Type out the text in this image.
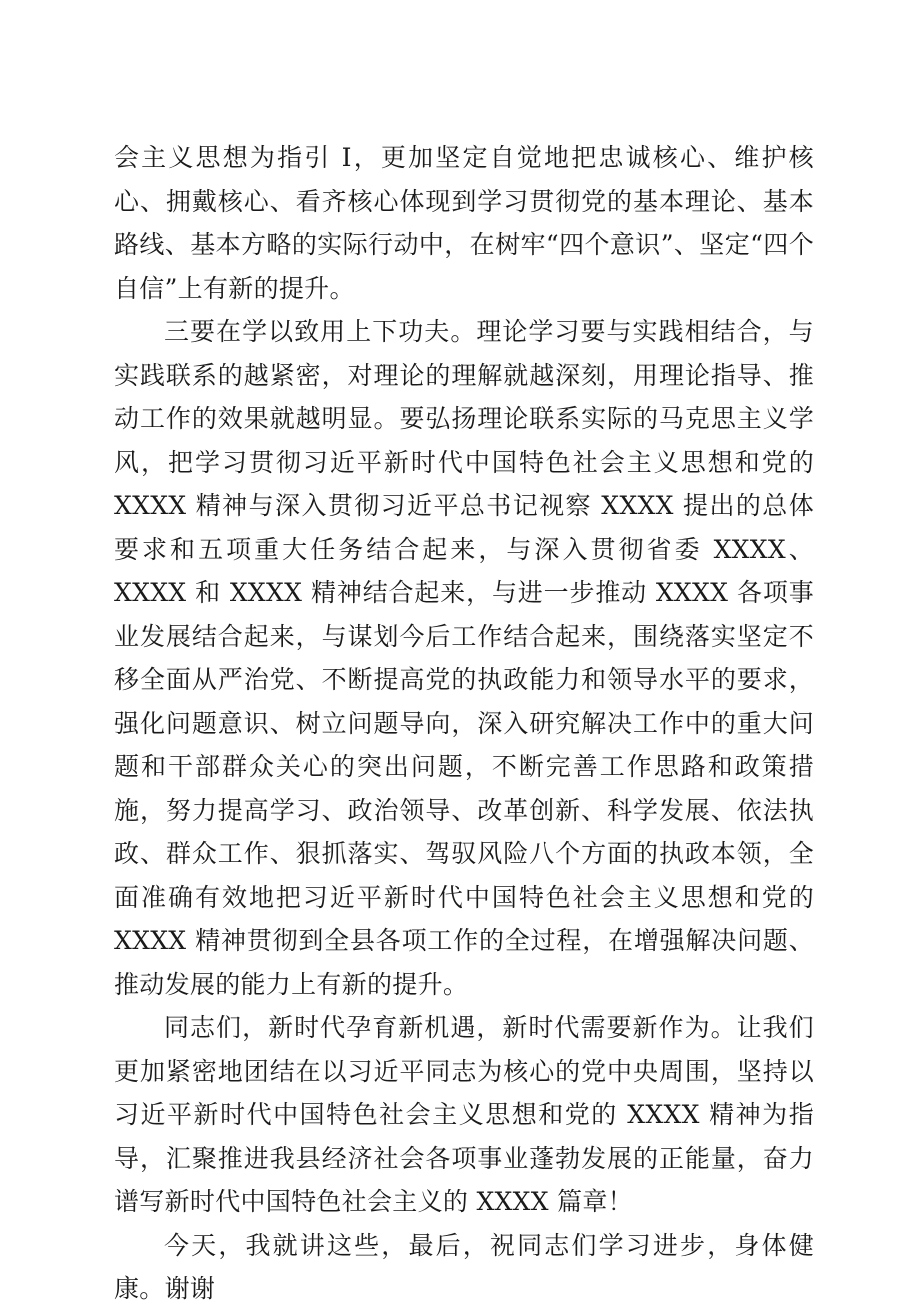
会主义思想为指引 I，更加坚定自觉地把忠诚核心、维护核心、拥戴核心、看齐核心体现到学习贯彻党的基本理论、基本路线、基本方略的实际行动中，在树牢“四个意识”、坚定“四个自信”上有新的提升。

三要在学以致用上下功夫。理论学习要与实践相结合，与实践联系的越紧密，对理论的理解就越深刻，用理论指导、推动工作的效果就越明显。要弘扬理论联系实际的马克思主义学风，把学习贯彻习近平新时代中国特色社会主义思想和党的 XXXX 精神与深入贯彻习近平总书记视察 XXXX 提出的总体要求和五项重大任务结合起来，与深入贯彻省委 XXXX、XXXX 和 XXXX 精神结合起来，与进一步推动 XXXX 各项事业发展结合起来，与谋划今后工作结合起来，围绕落实坚定不移全面从严治党、不断提高党的执政能力和领导水平的要求，强化问题意识、树立问题导向，深入研究解决工作中的重大问题和干部群众关心的突出问题，不断完善工作思路和政策措施，努力提高学习、政治领导、改革创新、科学发展、依法执政、群众工作、狠抓落实、驾驭风险八个方面的执政本领，全面准确有效地把习近平新时代中国特色社会主义思想和党的 XXXX 精神贯彻到全县各项工作的全过程，在增强解决问题、推动发展的能力上有新的提升。

同志们，新时代孕育新机遇，新时代需要新作为。让我们更加紧密地团结在以习近平同志为核心的党中央周围，坚持以习近平新时代中国特色社会主义思想和党的 XXXX 精神为指导，汇聚推进我县经济社会各项事业蓬勃发展的正能量，奋力谱写新时代中国特色社会主义的 XXXX 篇章！

今天，我就讲这些，最后，祝同志们学习进步，身体健康。谢谢
